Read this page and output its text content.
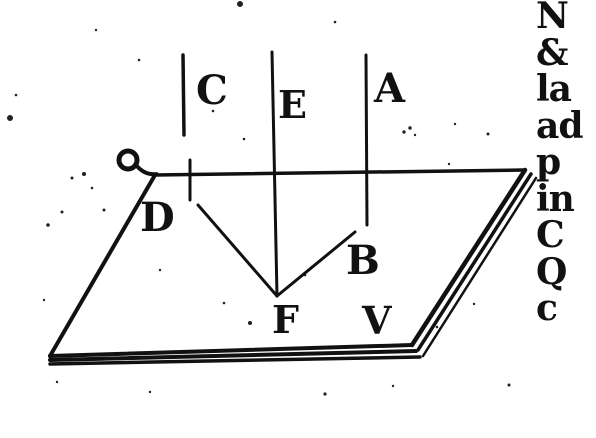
C E A
D
B
F V
N
&
la
ad
p
in
C
Q
c
